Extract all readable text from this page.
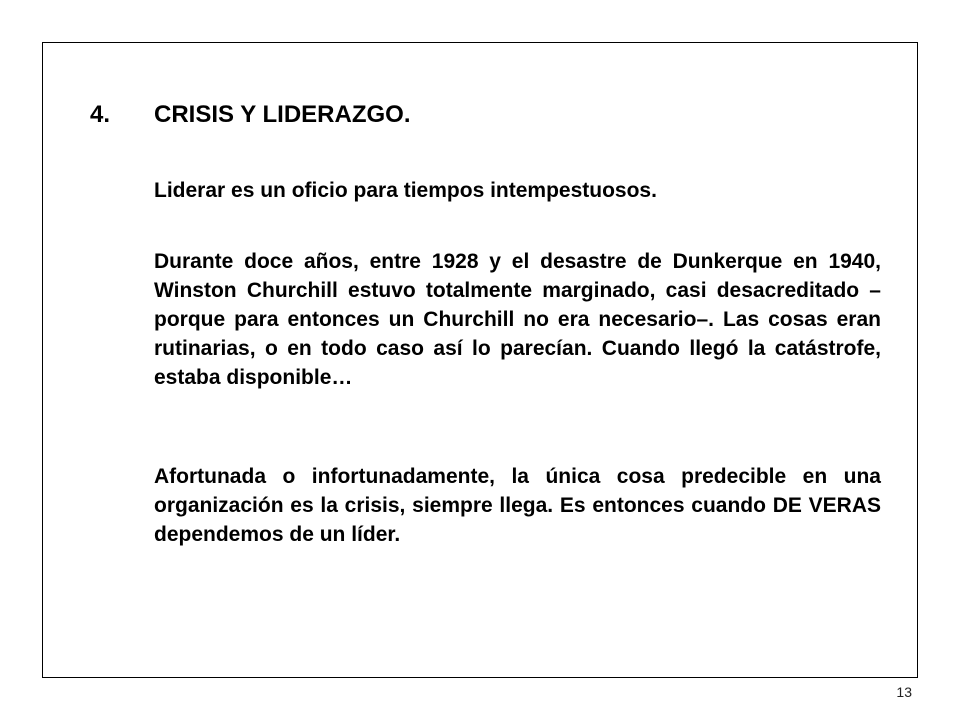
4. CRISIS Y LIDERAZGO.

Liderar es un oficio para tiempos intempestuosos.

Durante doce años, entre 1928 y el desastre de Dunkerque en 1940, Winston Churchill estuvo totalmente marginado, casi desacreditado –porque para entonces un Churchill no era necesario–. Las cosas eran rutinarias, o en todo caso así lo parecían. Cuando llegó la catástrofe, estaba disponible…

Afortunada o infortunadamente, la única cosa predecible en una organización es la crisis, siempre llega. Es entonces cuando DE VERAS dependemos de un líder.

13
